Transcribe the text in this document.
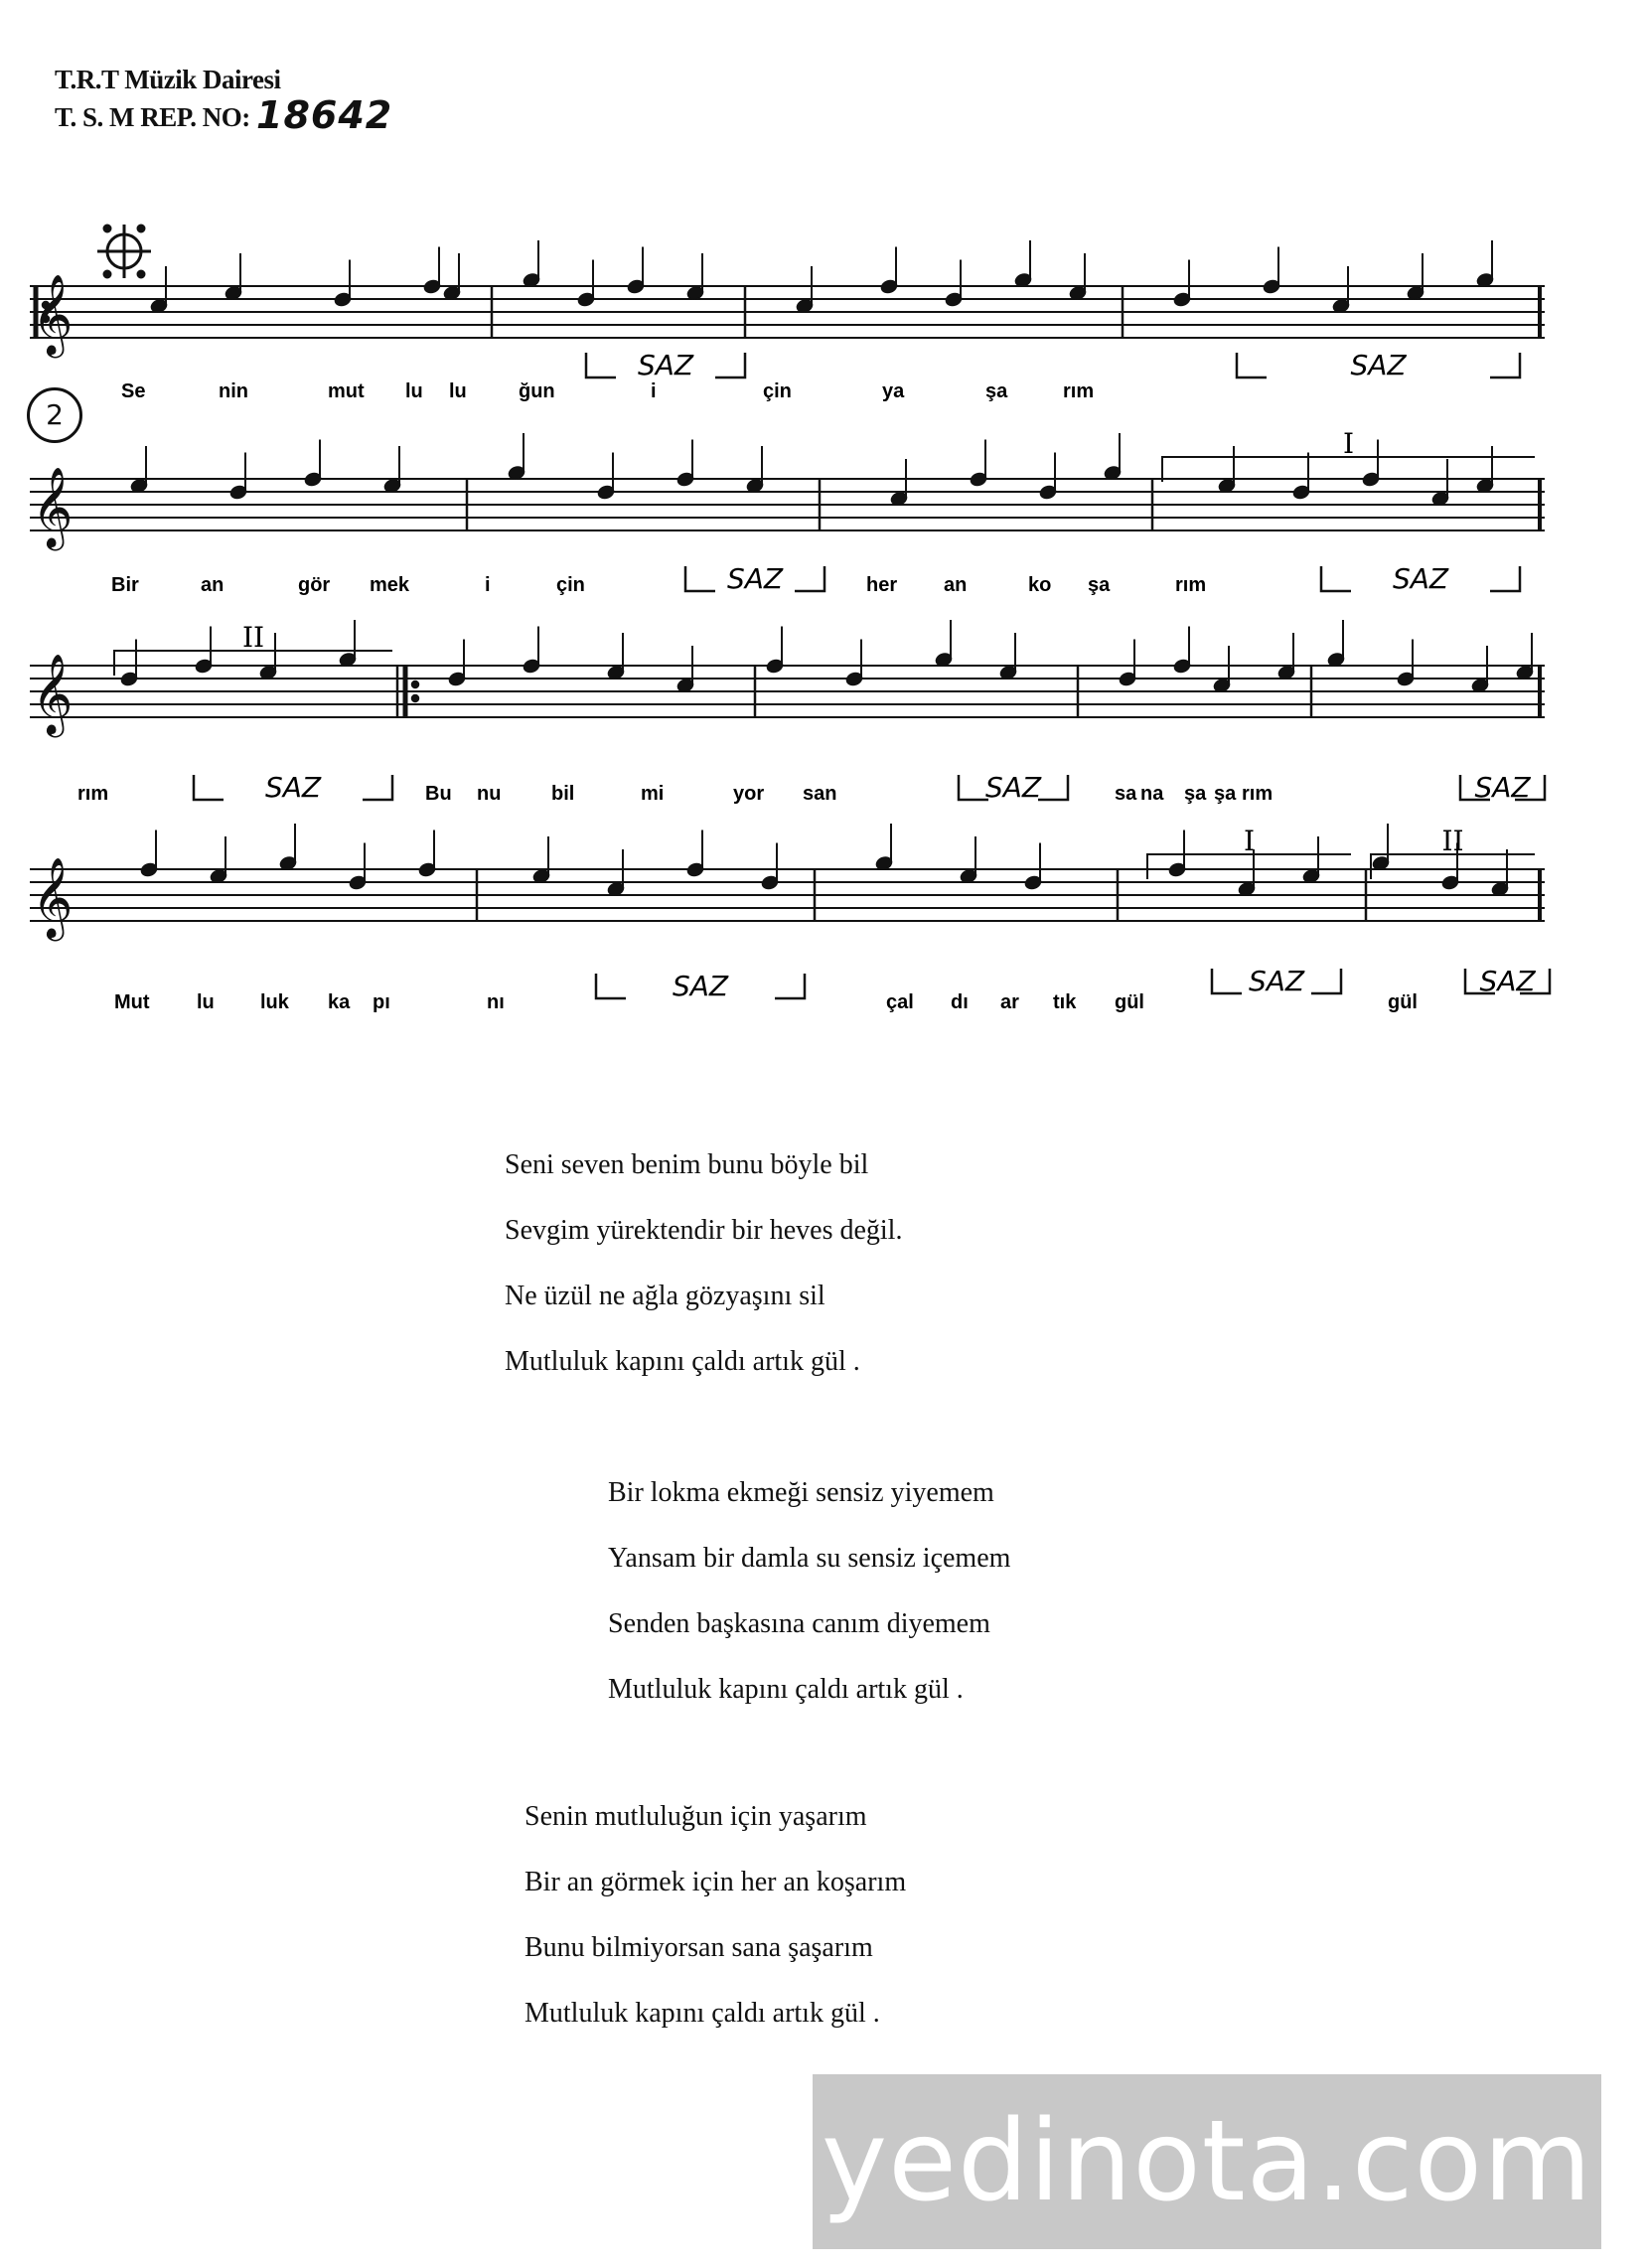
T.R.T Müzik Dairesi
T. S. M REP. NO: 18642
2
𝄞
𝄞
𝄞
𝄞
Se	nin	mut lu lu	ğun	i	çin	ya	şa	rım
Bir	an	gör mek	i	çin	her an	ko şa	rım
rım	Bu nu	bil	mi	yor san	sa na şa şa rım
Mut lu luk ka pı	nı	çal dı ar tık gül	gül
SAZ	SAZ
SAZ	SAZ
SAZ	SAZ	SAZ
SAZ	SAZ	SAZ
I
II
I	II
Seni seven benim bunu böyle bil
Sevgim yürektendir bir heves değil.
Ne üzül ne ağla gözyaşını sil
Mutluluk kapını çaldı artık gül .
Bir lokma ekmeği sensiz yiyemem
Yansam bir damla su sensiz içemem
Senden başkasına canım diyemem
Mutluluk kapını çaldı artık gül .
Senin mutluluğun için yaşarım
Bir an görmek için her an koşarım
Bunu bilmiyorsan sana şaşarım
Mutluluk kapını çaldı artık gül .
yedinota.com
